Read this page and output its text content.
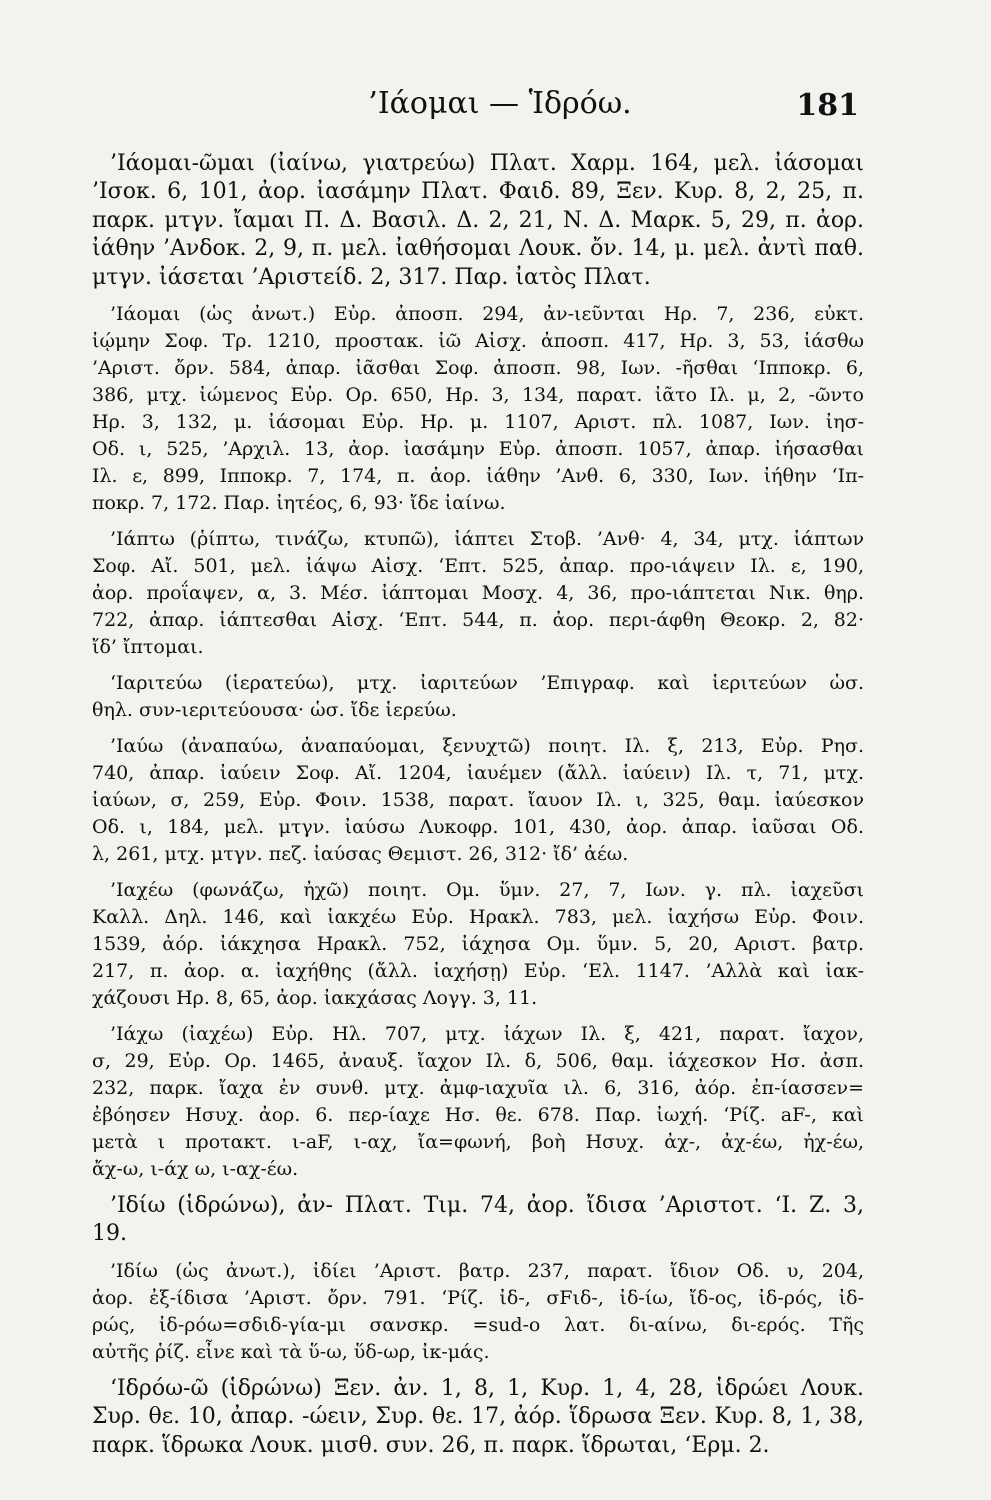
’Ιάομαι — Ἱδρόω.	181
’Ιάομαι-ῶμαι (ἰαίνω, γιατρεύω) Πλατ. Χαρμ. 164, μελ. ἰάσομαι
’Ισοκ. 6, 101, ἀορ. ἰασάμην Πλατ. Φαιδ. 89, Ξεν. Κυρ. 8, 2, 25, π.
παρκ. μτγν. ἴαμαι Π. Δ. Βασιλ. Δ. 2, 21, Ν. Δ. Μαρκ. 5, 29, π. ἀορ.
ἰάθην ’Ανδοκ. 2, 9, π. μελ. ἰαθήσομαι Λουκ. ὄν. 14, μ. μελ. ἀντὶ παθ.
μτγν. ἰάσεται ’Αριστείδ. 2, 317. Παρ. ἰατὸς Πλατ.
’Ιάομαι (ὡς ἀνωτ.) Εὐρ. ἀποσπ. 294, ἀν-ιεῦνται Ηρ. 7, 236, εὐκτ.
ἰῴμην Σοφ. Τρ. 1210, προστακ. ἰῶ Αἰσχ. ἀποσπ. 417, Ηρ. 3, 53, ἰάσθω
’Αριστ. ὄρν. 584, ἀπαρ. ἰᾶσθαι Σοφ. ἀποσπ. 98, Ιων. -ῆσθαι ‘Ιπποκρ. 6,
386, μτχ. ἰώμενος Εὐρ. Ορ. 650, Ηρ. 3, 134, παρατ. ἰᾶτο Ιλ. μ, 2, -ῶντο
Ηρ. 3, 132, μ. ἰάσομαι Εὐρ. Ηρ. μ. 1107, Αριστ. πλ. 1087, Ιων. ἰησ-
Οδ. ι, 525, ’Αρχιλ. 13, ἀορ. ἰασάμην Εὐρ. ἀποσπ. 1057, ἀπαρ. ἰήσασθαι
Ιλ. ε, 899, Ιπποκρ. 7, 174, π. ἀορ. ἰάθην ’Ανθ. 6, 330, Ιων. ἰήθην ‘Ιπ-
ποκρ. 7, 172. Παρ. ἰητέος, 6, 93· ἴδε ἰαίνω.
’Ιάπτω (ῥίπτω, τινάζω, κτυπῶ), ἰάπτει Στοβ. ’Ανθ· 4, 34, μτχ. ἰάπτων
Σοφ. Αἴ. 501, μελ. ἰάψω Αἰσχ. ‘Επτ. 525, ἀπαρ. προ-ιάψειν Ιλ. ε, 190,
ἀορ. προΐαψεν, α, 3. Μέσ. ἰάπτομαι Μοσχ. 4, 36, προ-ιάπτεται Νικ. θηρ.
722, ἀπαρ. ἰάπτεσθαι Αἰσχ. ‘Επτ. 544, π. ἀορ. περι-άφθη Θεοκρ. 2, 82·
ἴδ’ ἴπτομαι.
‘Ιαριτεύω (ἱερατεύω), μτχ. ἰαριτεύων ’Επιγραφ. καὶ ἱεριτεύων ὡσ.
θηλ. συν-ιεριτεύουσα· ὡσ. ἴδε ἱερεύω.
’Ιαύω (ἀναπαύω, ἀναπαύομαι, ξενυχτῶ) ποιητ. Ιλ. ξ, 213, Εὐρ. Ρησ.
740, ἀπαρ. ἰαύειν Σοφ. Αἴ. 1204, ἰαυέμεν (ἄλλ. ἰαύειν) Ιλ. τ, 71, μτχ.
ἰαύων, σ, 259, Εὐρ. Φοιν. 1538, παρατ. ἴαυον Ιλ. ι, 325, θαμ. ἰαύεσκον
Οδ. ι, 184, μελ. μτγν. ἰαύσω Λυκοφρ. 101, 430, ἀορ. ἀπαρ. ἰαῦσαι Οδ.
λ, 261, μτχ. μτγν. πεζ. ἰαύσας Θεμιστ. 26, 312· ἴδ’ ἀέω.
’Ιαχέω (φωνάζω, ἠχῶ) ποιητ. Ομ. ὕμν. 27, 7, Ιων. γ. πλ. ἰαχεῦσι
Καλλ. Δηλ. 146, καὶ ἰακχέω Εὐρ. Ηρακλ. 783, μελ. ἰαχήσω Εὐρ. Φοιν.
1539, ἀόρ. ἰάκχησα Ηρακλ. 752, ἰάχησα Ομ. ὕμν. 5, 20, Αριστ. βατρ.
217, π. ἀορ. α. ἰαχήθης (ἄλλ. ἰαχήσῃ) Εὐρ. ‘Ελ. 1147. ’Αλλὰ καὶ ἰακ-
χάζουσι Ηρ. 8, 65, ἀορ. ἰακχάσας Λογγ. 3, 11.
’Ιάχω (ἰαχέω) Εὐρ. Ηλ. 707, μτχ. ἰάχων Ιλ. ξ, 421, παρατ. ἴαχον,
σ, 29, Εὐρ. Ορ. 1465, ἀναυξ. ἴαχον Ιλ. δ, 506, θαμ. ἰάχεσκον Ησ. ἀσπ.
232, παρκ. ἴαχα ἐν συνθ. μτχ. ἀμφ-ιαχυῖα ιλ. 6, 316, ἀόρ. ἐπ-ίασσεν=
ἐβόησεν Ησυχ. ἀορ. 6. περ-ίαχε Ησ. θε. 678. Παρ. ἰωχή. ‘Ρίζ. aF-, καὶ
μετὰ ι προτακτ. ι-aF, ι-αχ, ἴα=φωνή, βοὴ Ησυχ. ἀχ-, ἀχ-έω, ἠχ-έω,
ἄχ-ω, ι-άχ ω, ι-αχ-έω.
’Ιδίω (ἱδρώνω), ἀν- Πλατ. Τιμ. 74, ἀορ. ἴδισα ’Αριστοτ. ‘Ι. Ζ. 3,
19.
’Ιδίω (ὡς ἀνωτ.), ἰδίει ’Αριστ. βατρ. 237, παρατ. ἴδιον Οδ. υ, 204,
ἀορ. ἐξ-ίδισα ’Αριστ. ὄρν. 791. ‘Ρίζ. ἰδ-, σFιδ-, ἰδ-ίω, ἴδ-ος, ἰδ-ρός, ἰδ-
ρώς, ἰδ-ρόω=σδιδ-γία-μι σανσκρ. =sud-o λατ. δι-αίνω, δι-ερός. Τῆς
αὐτῆς ῥίζ. εἶνε καὶ τὰ ὕ-ω, ὕδ-ωρ, ἰκ-μάς.
‘Ιδρόω-ῶ (ἱδρώνω) Ξεν. ἀν. 1, 8, 1, Κυρ. 1, 4, 28, ἱδρώει Λουκ.
Συρ. θε. 10, ἀπαρ. -ώειν, Συρ. θε. 17, ἀόρ. ἵδρωσα Ξεν. Κυρ. 8, 1, 38,
παρκ. ἵδρωκα Λουκ. μισθ. συν. 26, π. παρκ. ἵδρωται, ‘Ερμ. 2.
